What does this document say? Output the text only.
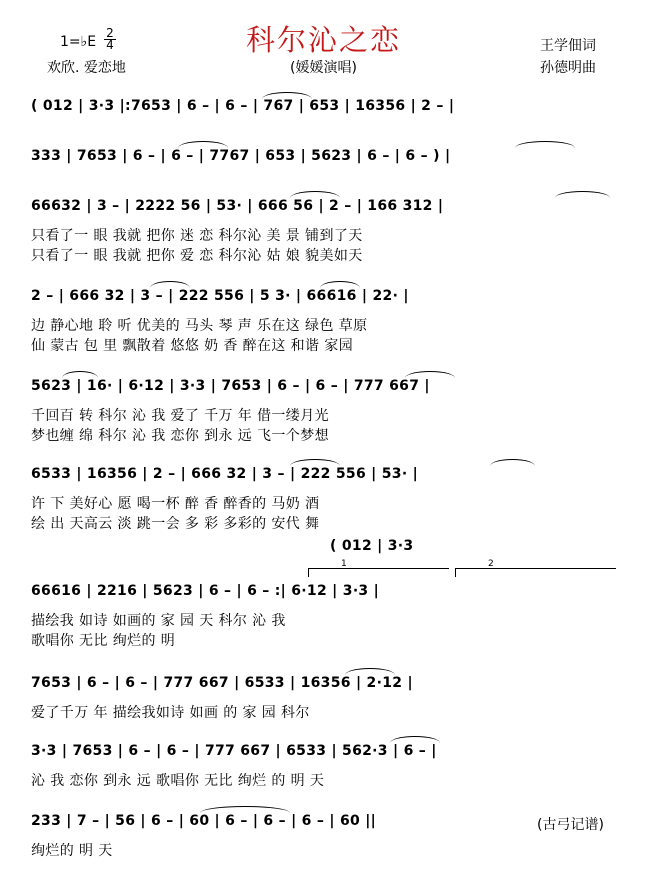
科尔沁之恋
1=♭E
2
4
欢欣. 爱恋地	(媛媛演唱)
王学佃词
孙德明曲
( 012 | 3·3 |:7653 | 6 – | 6 – | 767 | 653 | 16356 | 2 – |
333 | 7653 | 6 – | 6 – | 7767 | 653 | 5623 | 6 – | 6 – ) |
66632 | 3 – | 2222 56 | 53· | 666 56 | 2 – | 166 312 |
只看了一 眼 我就 把你 迷 恋 科尔沁 美 景 铺到了天
只看了一 眼 我就 把你 爱 恋 科尔沁 姑 娘 貌美如天
2 – | 666 32 | 3 – | 222 556 | 5 3· | 66616 | 22· |
边 静心地 聆 听 优美的 马头 琴 声 乐在这 绿色 草原
仙 蒙古 包 里 飘散着 悠悠 奶 香 醉在这 和谐 家园
5623 | 16· | 6·12 | 3·3 | 7653 | 6 – | 6 – | 777 667 |
千回百 转 科尔 沁 我 爱了 千万 年 借一缕月光
梦也缠 绵 科尔 沁 我 恋你 到永 远 飞一个梦想
6533 | 16356 | 2 – | 666 32 | 3 – | 222 556 | 53· |
许 下 美好心 愿 喝一杯 醉 香 醉香的 马奶 酒
绘 出 天高云 淡 跳一会 多 彩 多彩的 安代 舞
( 012 | 3·3
1	2
66616 | 2216 | 5623 | 6 – | 6 – :| 6·12 | 3·3 |
描绘我 如诗 如画的 家 园 天 科尔 沁 我
歌唱你 无比 绚烂的 明
7653 | 6 – | 6 – | 777 667 | 6533 | 16356 | 2·12 |
爱了千万 年 描绘我如诗 如画 的 家 园 科尔
3·3 | 7653 | 6 – | 6 – | 777 667 | 6533 | 562·3 | 6 – |
沁 我 恋你 到永 远 歌唱你 无比 绚烂 的 明 天
233 | 7 – | 56 | 6 – | 60 | 6 – | 6 – | 6 – | 60 ||
绚烂的 明 天
(古弓记谱)
